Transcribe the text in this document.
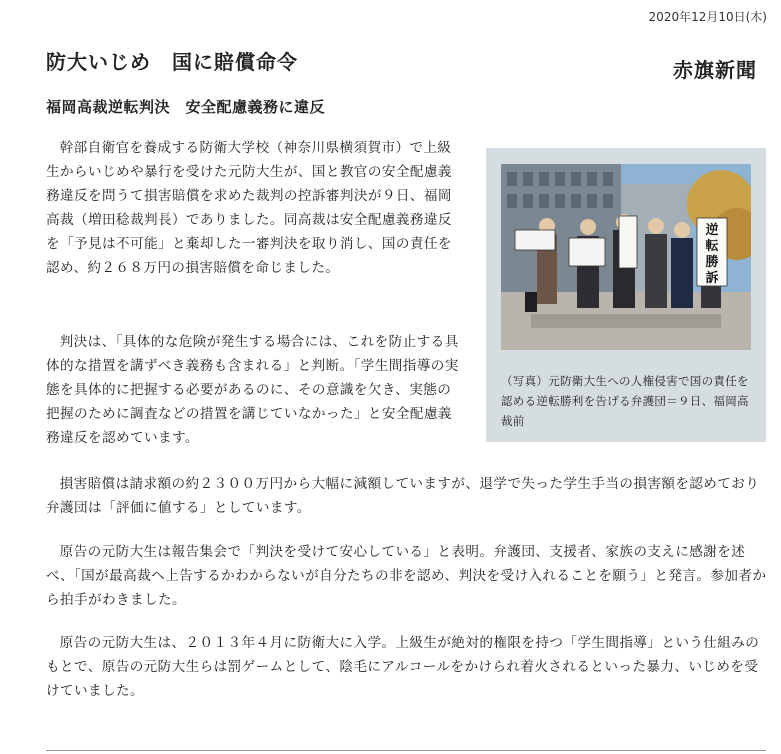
2020年12月10日(木)
防大いじめ　国に賠償命令	赤旗新聞
福岡高裁逆転判決　安全配慮義務に違反

幹部自衛官を養成する防衛大学校（神奈川県横須賀市）で上級生からいじめや暴行を受けた元防大生が、国と教官の安全配慮義務違反を問うて損害賠償を求めた裁判の控訴審判決が９日、福岡高裁（増田稔裁判長）でありました。同高裁は安全配慮義務違反を「予見は不可能」と棄却した一審判決を取り消し、国の責任を認め、約２６８万円の損害賠償を命じました。

判決は、「具体的な危険が発生する場合には、これを防止する具体的な措置を講ずべき義務も含まれる」と判断。「学生間指導の実態を具体的に把握する必要があるのに、その意識を欠き、実態の把握のために調査などの措置を講じていなかった」と安全配慮義務違反を認めています。

損害賠償は請求額の約２３００万円から大幅に減額していますが、退学で失った学生手当の損害額を認めており弁護団は「評価に値する」としています。

原告の元防大生は報告集会で「判決を受けて安心している」と表明。弁護団、支援者、家族の支えに感謝を述べ、「国が最高裁へ上告するかわからないが自分たちの非を認め、判決を受け入れることを願う」と発言。参加者から拍手がわきました。

原告の元防大生は、２０１３年４月に防衛大に入学。上級生が絶対的権限を持つ「学生間指導」という仕組みのもとで、原告の元防大生らは罰ゲームとして、陰毛にアルコールをかけられ着火されるといった暴力、いじめを受けていました。

逆
転
勝
訴
（写真）元防衛大生への人権侵害で国の責任を認める逆転勝利を告げる弁護団＝９日、福岡高裁前
